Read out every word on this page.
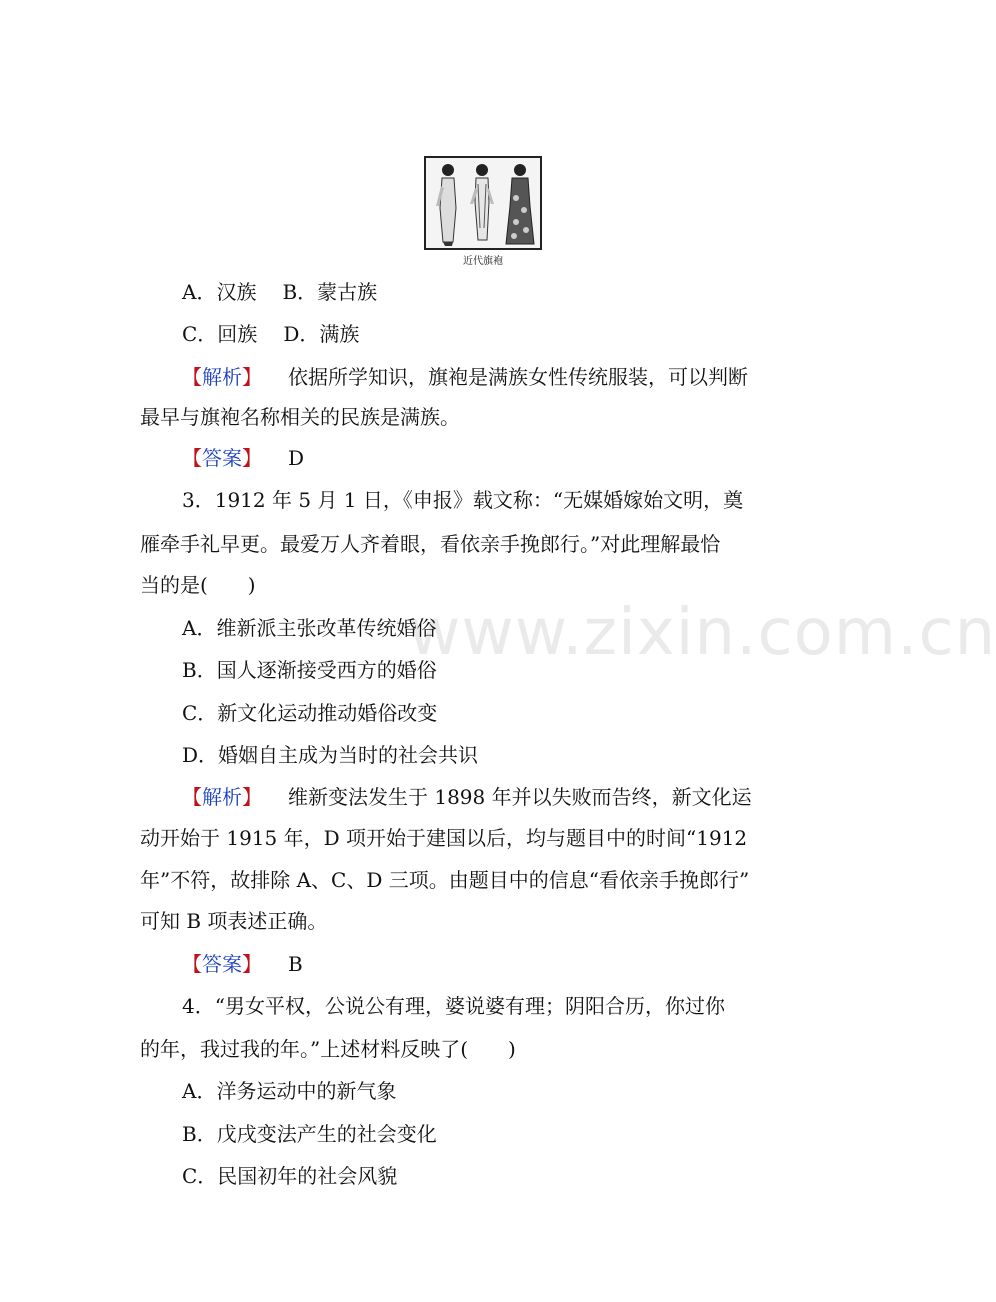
近代旗袍
www.zixin.com.cn
A．汉族 B．蒙古族
C．回族 D．满族
【解析】 依据所学知识，旗袍是满族女性传统服装，可以判断
最早与旗袍名称相关的民族是满族。
【答案】 D
3．1912 年 5 月 1 日，《申报》载文称：“无媒婚嫁始文明，奠
雁牵手礼早更。最爱万人齐着眼，看依亲手挽郎行。”对此理解最恰
当的是(　　)
A．维新派主张改革传统婚俗
B．国人逐渐接受西方的婚俗
C．新文化运动推动婚俗改变
D．婚姻自主成为当时的社会共识
【解析】 维新变法发生于 1898 年并以失败而告终，新文化运
动开始于 1915 年，D 项开始于建国以后，均与题目中的时间“1912
年”不符，故排除 A、C、D 三项。由题目中的信息“看依亲手挽郎行”
可知 B 项表述正确。
【答案】 B
4．“男女平权，公说公有理，婆说婆有理；阴阳合历，你过你
的年，我过我的年。”上述材料反映了(　　)
A．洋务运动中的新气象
B．戊戌变法产生的社会变化
C．民国初年的社会风貌
